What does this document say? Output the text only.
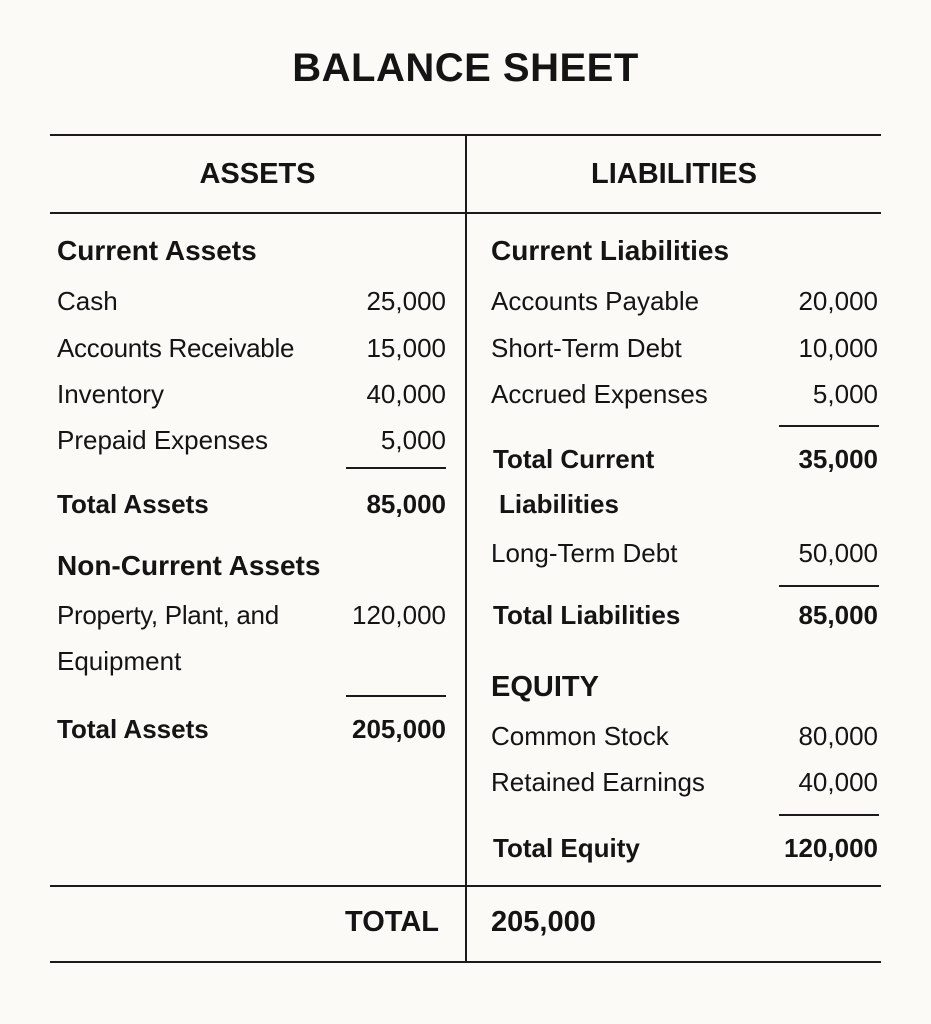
BALANCE SHEET
ASSETS	LIABILITIES
Current Assets
Cash	25,000
Accounts Receivable	15,000
Inventory	40,000
Prepaid Expenses	5,000
Total Assets	85,000
Non-Current Assets
Property, Plant, and	120,000
Equipment
Total Assets	205,000
Current Liabilities
Accounts Payable	20,000
Short-Term Debt	10,000
Accrued Expenses	5,000
Total Current	35,000
Liabilities
Long-Term Debt	50,000
Total Liabilities	85,000
EQUITY
Common Stock	80,000
Retained Earnings	40,000
Total Equity	120,000
TOTAL 205,000
